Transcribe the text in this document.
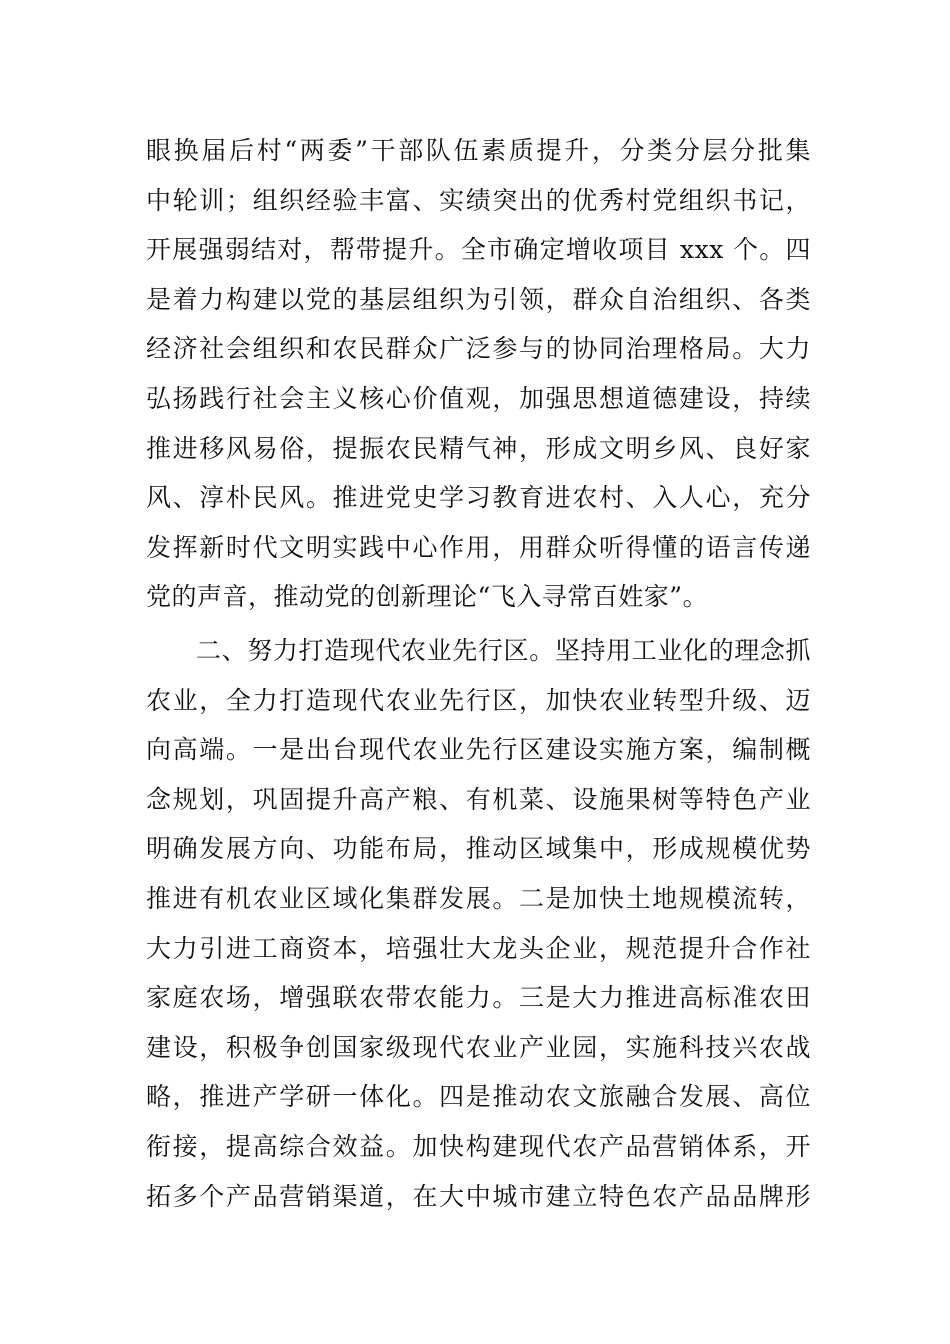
眼换届后村“两委”干部队伍素质提升，分类分层分批集
中轮训；组织经验丰富、实绩突出的优秀村党组织书记，
开展强弱结对，帮带提升。全市确定增收项目 xxx 个。四
是着力构建以党的基层组织为引领，群众自治组织、各类
经济社会组织和农民群众广泛参与的协同治理格局。大力
弘扬践行社会主义核心价值观，加强思想道德建设，持续
推进移风易俗，提振农民精气神，形成文明乡风、良好家
风、淳朴民风。推进党史学习教育进农村、入人心，充分
发挥新时代文明实践中心作用，用群众听得懂的语言传递
党的声音，推动党的创新理论“飞入寻常百姓家”。
二、努力打造现代农业先行区。坚持用工业化的理念抓
农业，全力打造现代农业先行区，加快农业转型升级、迈
向高端。一是出台现代农业先行区建设实施方案，编制概
念规划，巩固提升高产粮、有机菜、设施果树等特色产业
明确发展方向、功能布局，推动区域集中，形成规模优势
推进有机农业区域化集群发展。二是加快土地规模流转，
大力引进工商资本，培强壮大龙头企业，规范提升合作社
家庭农场，增强联农带农能力。三是大力推进高标准农田
建设，积极争创国家级现代农业产业园，实施科技兴农战
略，推进产学研一体化。四是推动农文旅融合发展、高位
衔接，提高综合效益。加快构建现代农产品营销体系，开
拓多个产品营销渠道，在大中城市建立特色农产品品牌形
